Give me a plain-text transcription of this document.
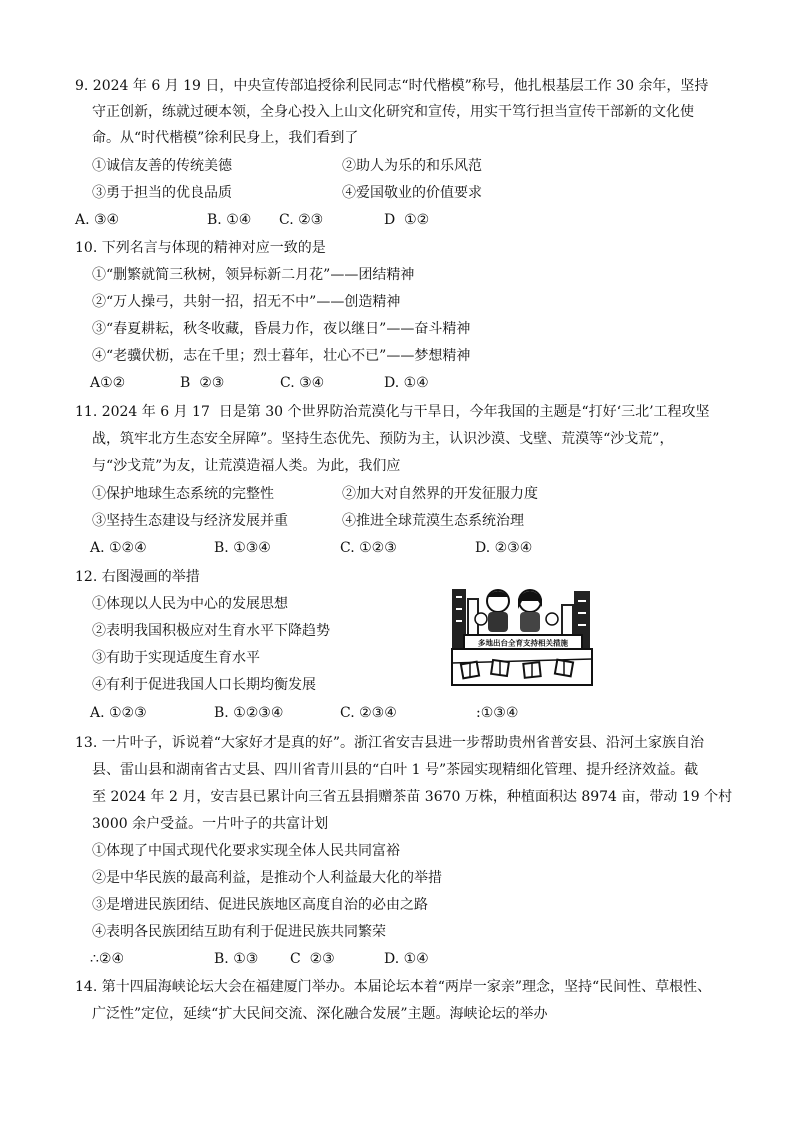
9. 2024 年 6 月 19 日，中央宣传部追授徐利民同志“时代楷模”称号，他扎根基层工作 30 余年，坚持
守正创新，练就过硬本领，全身心投入上山文化研究和宣传，用实干笃行担当宣传干部新的文化使
命。从“时代楷模”徐利民身上，我们看到了
①诚信友善的传统美德	②助人为乐的和乐风范
③勇于担当的优良品质	④爱国敬业的价值要求
A. ③④	B. ①④ C. ②③	D  ①②
10. 下列名言与体现的精神对应一致的是
①“删繁就简三秋树，领异标新二月花”——团结精神
②“万人操弓，共射一招，招无不中”——创造精神
③“春夏耕耘，秋冬收藏，昏晨力作，夜以继日”——奋斗精神
④“老骥伏枥，志在千里；烈士暮年，壮心不已”——梦想精神
A①②	B  ②③	C. ③④	D. ①④
11. 2024 年 6 月 17  日是第 30 个世界防治荒漠化与干旱日，今年我国的主题是“打好‘三北’工程攻坚
战，筑牢北方生态安全屏障”。坚持生态优先、预防为主，认识沙漠、戈壁、荒漠等“沙戈荒”，
与“沙戈荒”为友，让荒漠造福人类。为此，我们应
①保护地球生态系统的完整性	②加大对自然界的开发征服力度
③坚持生态建设与经济发展并重	④推进全球荒漠生态系统治理
A. ①②④	B. ①③④	C. ①②③	D. ②③④
12. 右图漫画的举措
①体现以人民为中心的发展思想
②表明我国积极应对生育水平下降趋势
③有助于实现适度生育水平
④有利于促进我国人口长期均衡发展
A. ①②③	B. ①②③④	C. ②③④	:①③④
多地出台全育支持相关措施
13. 一片叶子，诉说着“大家好才是真的好”。浙江省安吉县进一步帮助贵州省普安县、沿河土家族自治
县、雷山县和湖南省古丈县、四川省青川县的“白叶 1 号”茶园实现精细化管理、提升经济效益。截
至 2024 年 2 月，安吉县已累计向三省五县捐赠茶苗 3670 万株，种植面积达 8974 亩，带动 19 个村
3000 余户受益。一片叶子的共富计划
①体现了中国式现代化要求实现全体人民共同富裕
②是中华民族的最高利益，是推动个人利益最大化的举措
③是增进民族团结、促进民族地区高度自治的必由之路
④表明各民族团结互助有利于促进民族共同繁荣
∴②④	B. ①③ C  ②③	D. ①④
14. 第十四届海峡论坛大会在福建厦门举办。本届论坛本着“两岸一家亲”理念，坚持“民间性、草根性、
广泛性”定位，延续“扩大民间交流、深化融合发展”主题。海峡论坛的举办
